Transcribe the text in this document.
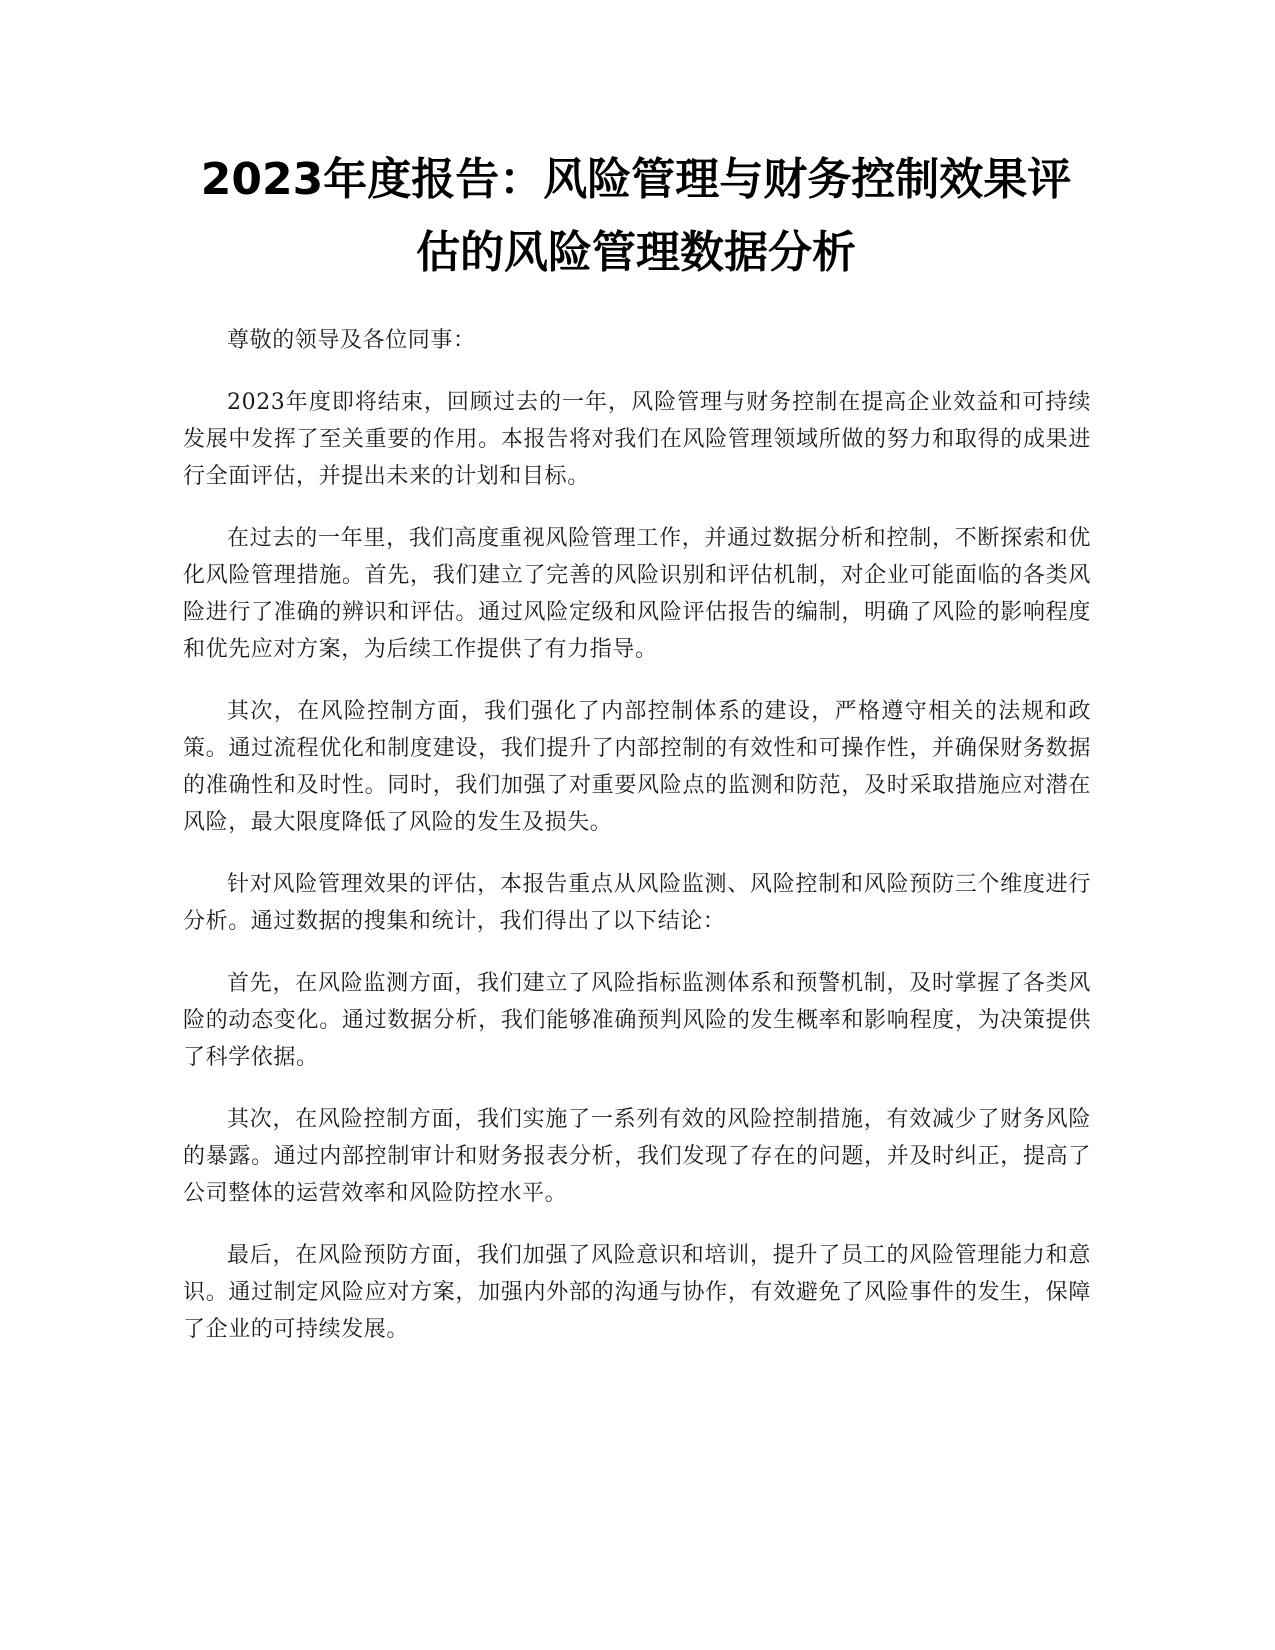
2023年度报告：风险管理与财务控制效果评估的风险管理数据分析

尊敬的领导及各位同事：

2023年度即将结束，回顾过去的一年，风险管理与财务控制在提高企业效益和可持续发展中发挥了至关重要的作用。本报告将对我们在风险管理领域所做的努力和取得的成果进行全面评估，并提出未来的计划和目标。

在过去的一年里，我们高度重视风险管理工作，并通过数据分析和控制，不断探索和优化风险管理措施。首先，我们建立了完善的风险识别和评估机制，对企业可能面临的各类风险进行了准确的辨识和评估。通过风险定级和风险评估报告的编制，明确了风险的影响程度和优先应对方案，为后续工作提供了有力指导。

其次，在风险控制方面，我们强化了内部控制体系的建设，严格遵守相关的法规和政策。通过流程优化和制度建设，我们提升了内部控制的有效性和可操作性，并确保财务数据的准确性和及时性。同时，我们加强了对重要风险点的监测和防范，及时采取措施应对潜在风险，最大限度降低了风险的发生及损失。

针对风险管理效果的评估，本报告重点从风险监测、风险控制和风险预防三个维度进行分析。通过数据的搜集和统计，我们得出了以下结论：

首先，在风险监测方面，我们建立了风险指标监测体系和预警机制，及时掌握了各类风险的动态变化。通过数据分析，我们能够准确预判风险的发生概率和影响程度，为决策提供了科学依据。

其次，在风险控制方面，我们实施了一系列有效的风险控制措施，有效减少了财务风险的暴露。通过内部控制审计和财务报表分析，我们发现了存在的问题，并及时纠正，提高了公司整体的运营效率和风险防控水平。

最后，在风险预防方面，我们加强了风险意识和培训，提升了员工的风险管理能力和意识。通过制定风险应对方案，加强内外部的沟通与协作，有效避免了风险事件的发生，保障了企业的可持续发展。
